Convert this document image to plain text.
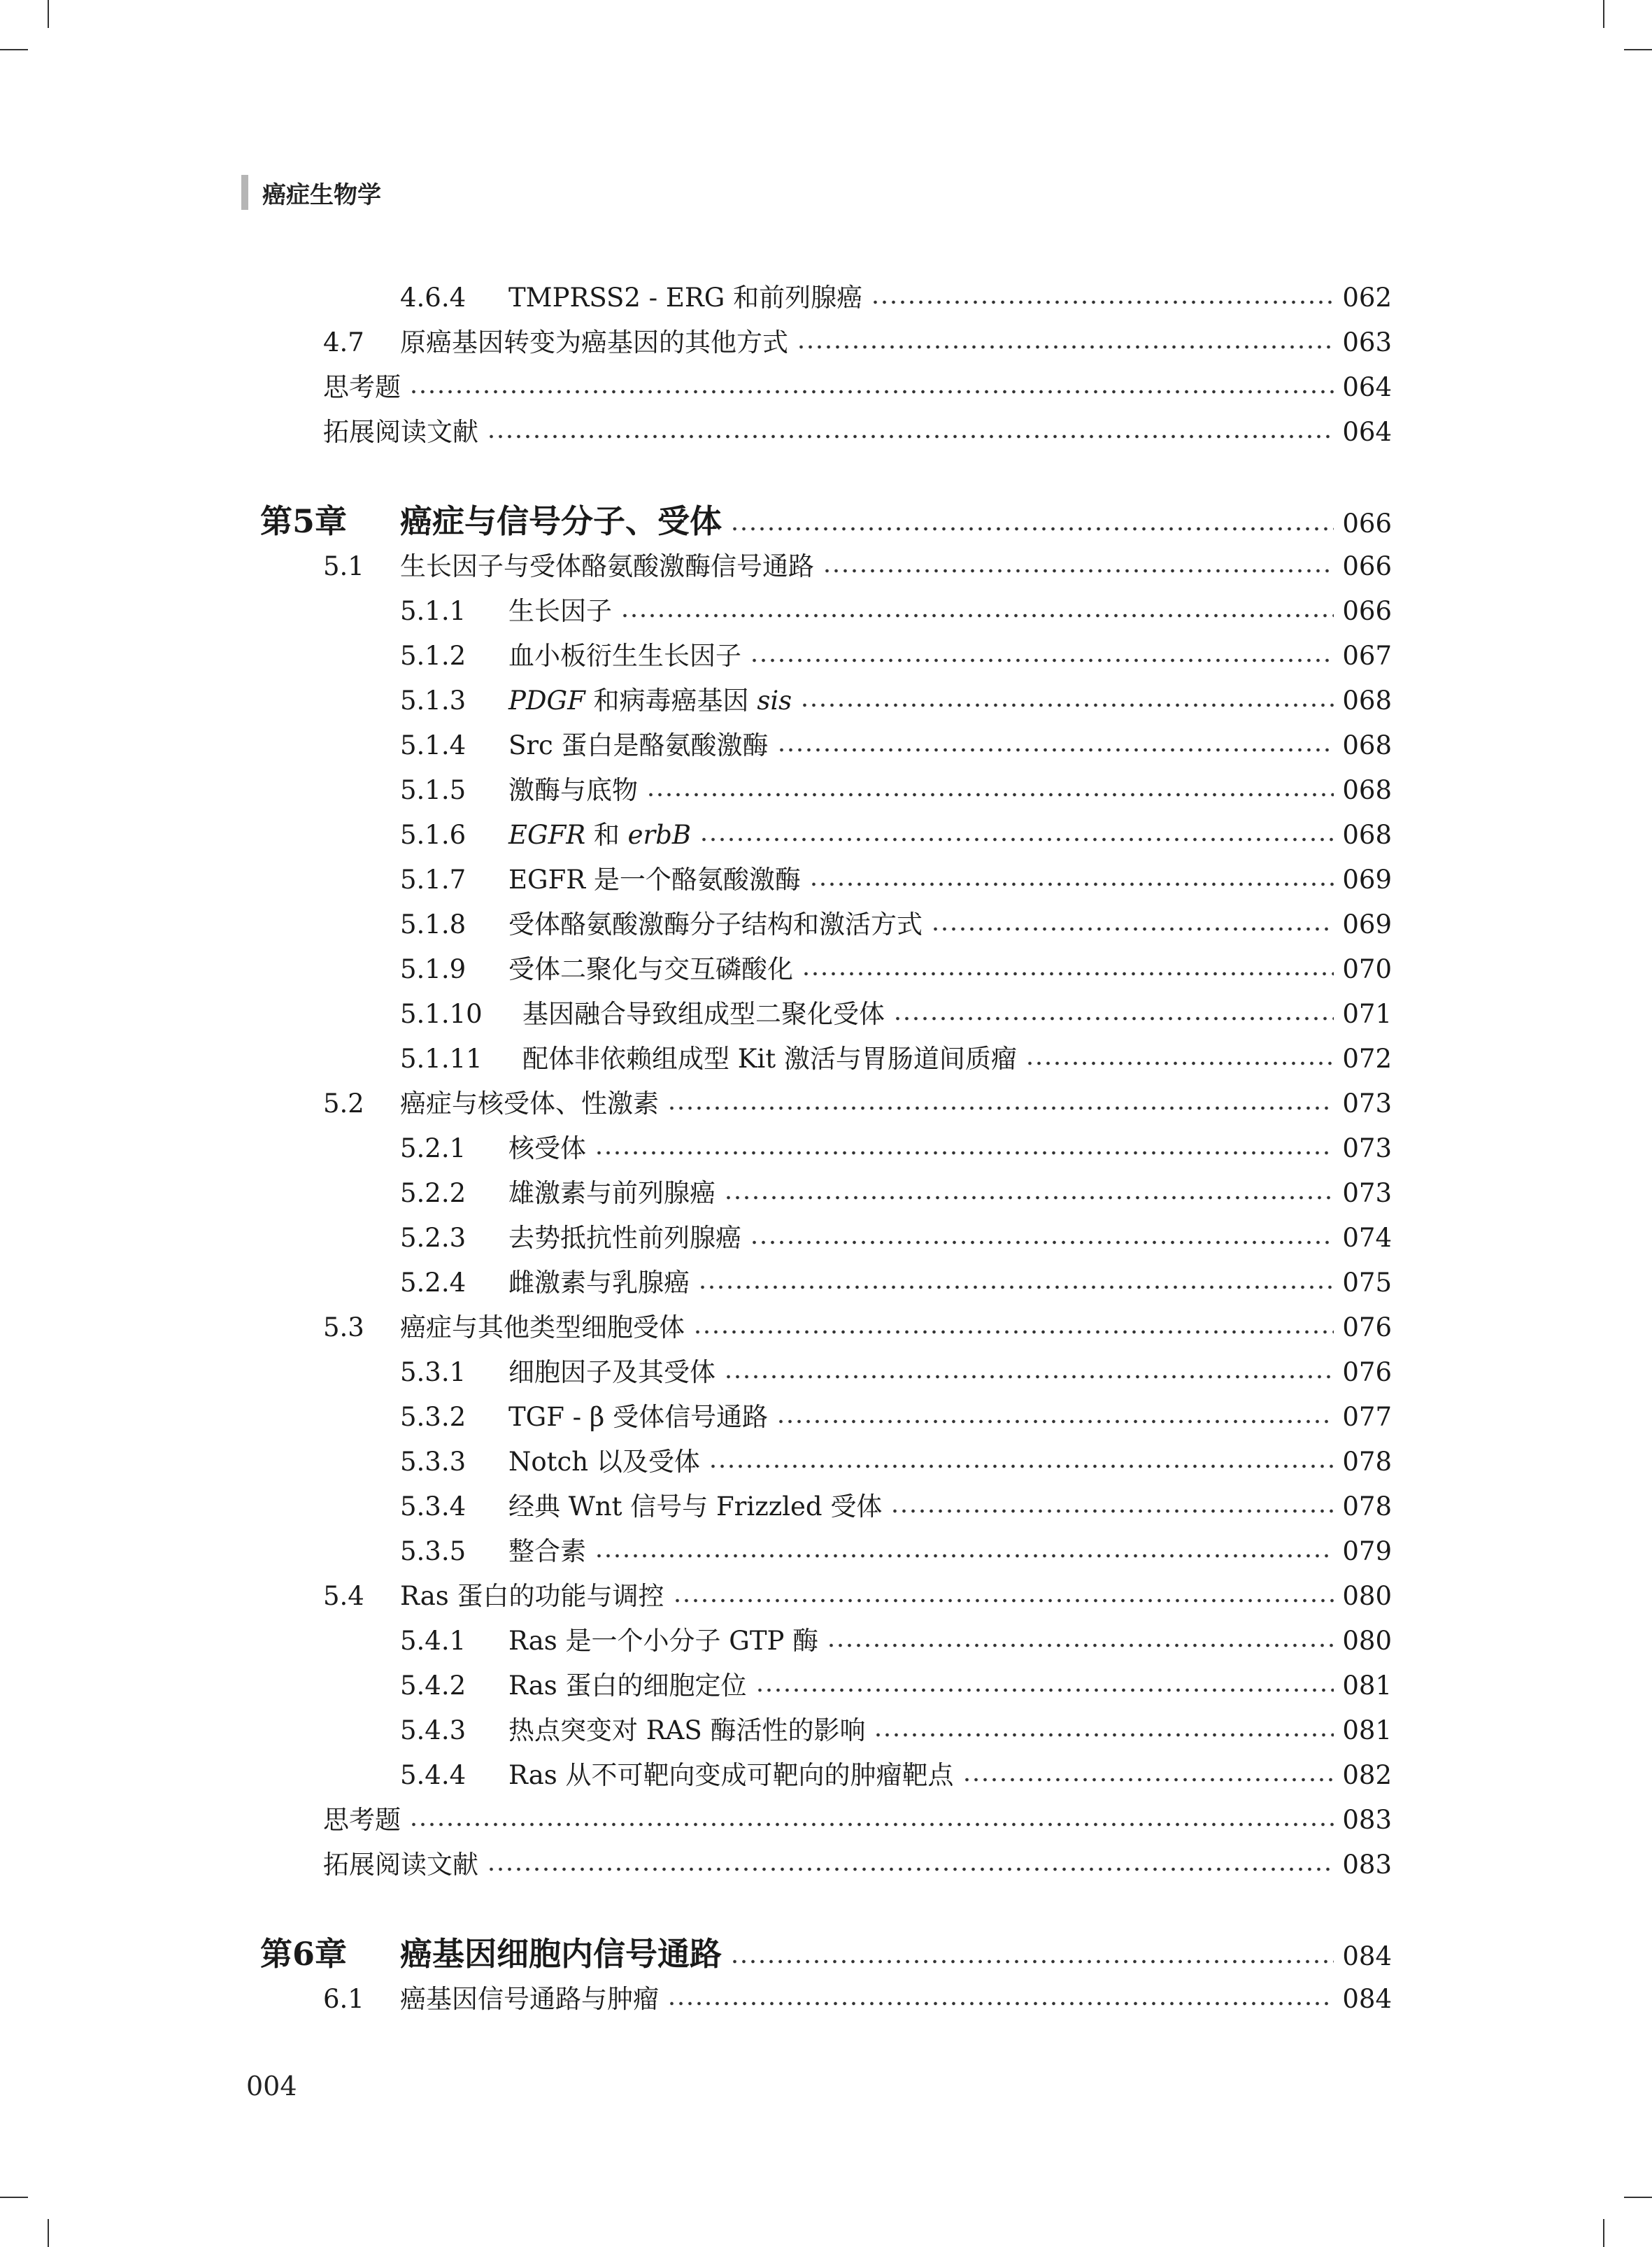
癌症生物学
4.6.4	TMPRSS2 - ERG 和前列腺癌	062
4.7	原癌基因转变为癌基因的其他方式	063
思考题	064
拓展阅读文献	064
第5章	癌症与信号分子、受体	066
5.1	生长因子与受体酪氨酸激酶信号通路	066
5.1.1	生长因子	066
5.1.2	血小板衍生生长因子	067
5.1.3	PDGF 和病毒癌基因 sis	068
5.1.4	Src 蛋白是酪氨酸激酶	068
5.1.5	激酶与底物	068
5.1.6	EGFR 和 erbB	068
5.1.7	EGFR 是一个酪氨酸激酶	069
5.1.8	受体酪氨酸激酶分子结构和激活方式	069
5.1.9	受体二聚化与交互磷酸化	070
5.1.10	基因融合导致组成型二聚化受体	071
5.1.11	配体非依赖组成型 Kit 激活与胃肠道间质瘤	072
5.2	癌症与核受体、性激素	073
5.2.1	核受体	073
5.2.2	雄激素与前列腺癌	073
5.2.3	去势抵抗性前列腺癌	074
5.2.4	雌激素与乳腺癌	075
5.3	癌症与其他类型细胞受体	076
5.3.1	细胞因子及其受体	076
5.3.2	TGF - β 受体信号通路	077
5.3.3	Notch 以及受体	078
5.3.4	经典 Wnt 信号与 Frizzled 受体	078
5.3.5	整合素	079
5.4	Ras 蛋白的功能与调控	080
5.4.1	Ras 是一个小分子 GTP 酶	080
5.4.2	Ras 蛋白的细胞定位	081
5.4.3	热点突变对 RAS 酶活性的影响	081
5.4.4	Ras 从不可靶向变成可靶向的肿瘤靶点	082
思考题	083
拓展阅读文献	083
第6章	癌基因细胞内信号通路	084
6.1	癌基因信号通路与肿瘤	084
004
